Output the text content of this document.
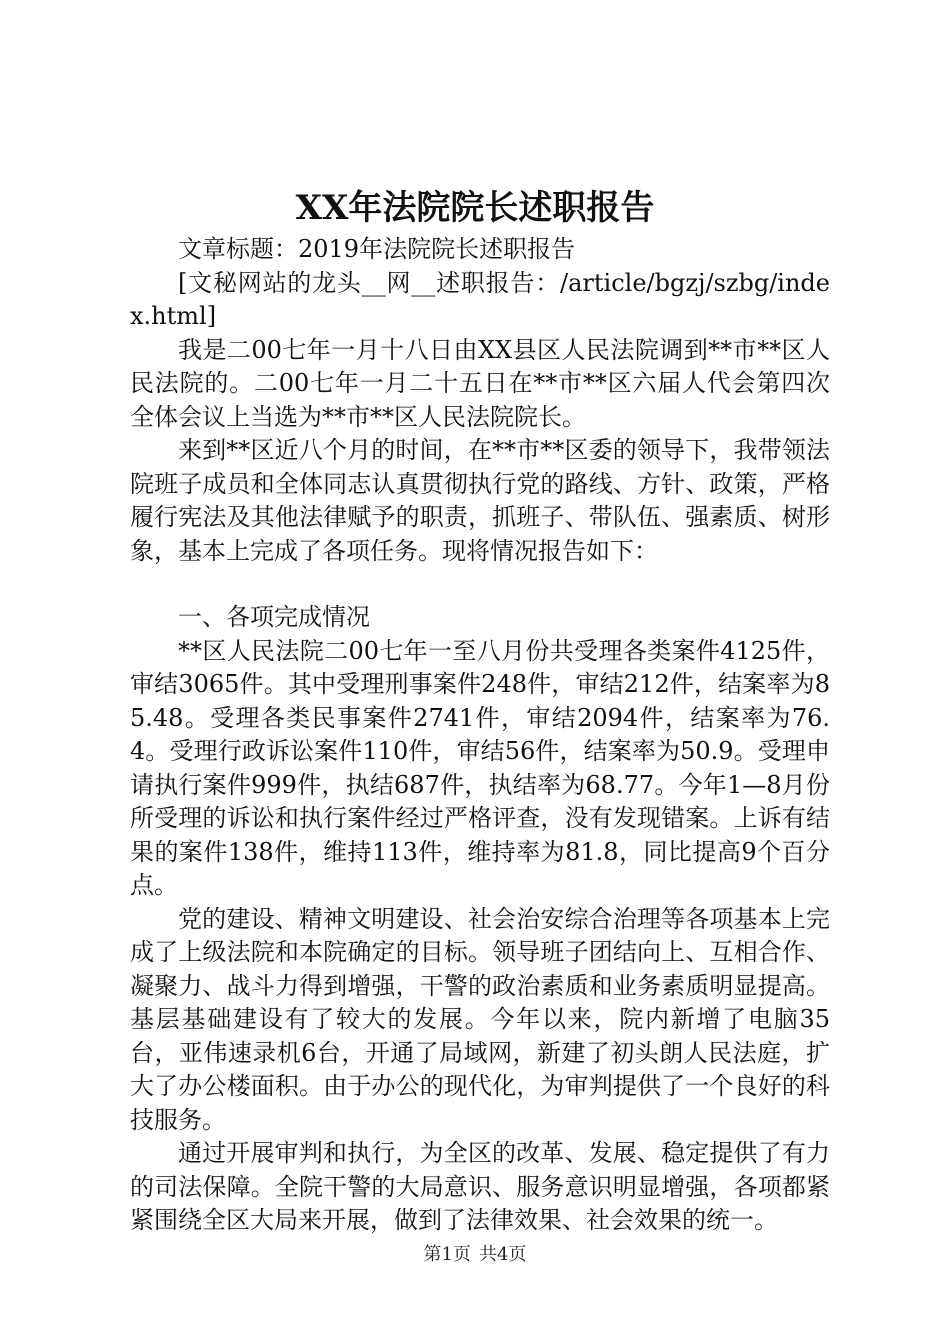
XX年法院院长述职报告

文章标题：2019年法院院长述职报告

[文秘网站的龙头__网__述职报告：/article/bgzj/szbg/index.html]

我是二00七年一月十八日由XX县区人民法院调到**市**区人民法院的。二00七年一月二十五日在**市**区六届人代会第四次全体会议上当选为**市**区人民法院院长。

来到**区近八个月的时间，在**市**区委的领导下，我带领法院班子成员和全体同志认真贯彻执行党的路线、方针、政策，严格履行宪法及其他法律赋予的职责，抓班子、带队伍、强素质、树形象，基本上完成了各项任务。现将情况报告如下：

一、各项完成情况

**区人民法院二00七年一至八月份共受理各类案件4125件，审结3065件。其中受理刑事案件248件，审结212件，结案率为85.48。受理各类民事案件2741件，审结2094件，结案率为76.4。受理行政诉讼案件110件，审结56件，结案率为50.9。受理申请执行案件999件，执结687件，执结率为68.77。今年1—8月份所受理的诉讼和执行案件经过严格评查，没有发现错案。上诉有结果的案件138件，维持113件，维持率为81.8，同比提高9个百分点。

党的建设、精神文明建设、社会治安综合治理等各项基本上完成了上级法院和本院确定的目标。领导班子团结向上、互相合作、凝聚力、战斗力得到增强，干警的政治素质和业务素质明显提高。基层基础建设有了较大的发展。今年以来，院内新增了电脑35台，亚伟速录机6台，开通了局域网，新建了初头朗人民法庭，扩大了办公楼面积。由于办公的现代化，为审判提供了一个良好的科技服务。

通过开展审判和执行，为全区的改革、发展、稳定提供了有力的司法保障。全院干警的大局意识、服务意识明显增强，各项都紧紧围绕全区大局来开展，做到了法律效果、社会效果的统一。

第1页 共4页
